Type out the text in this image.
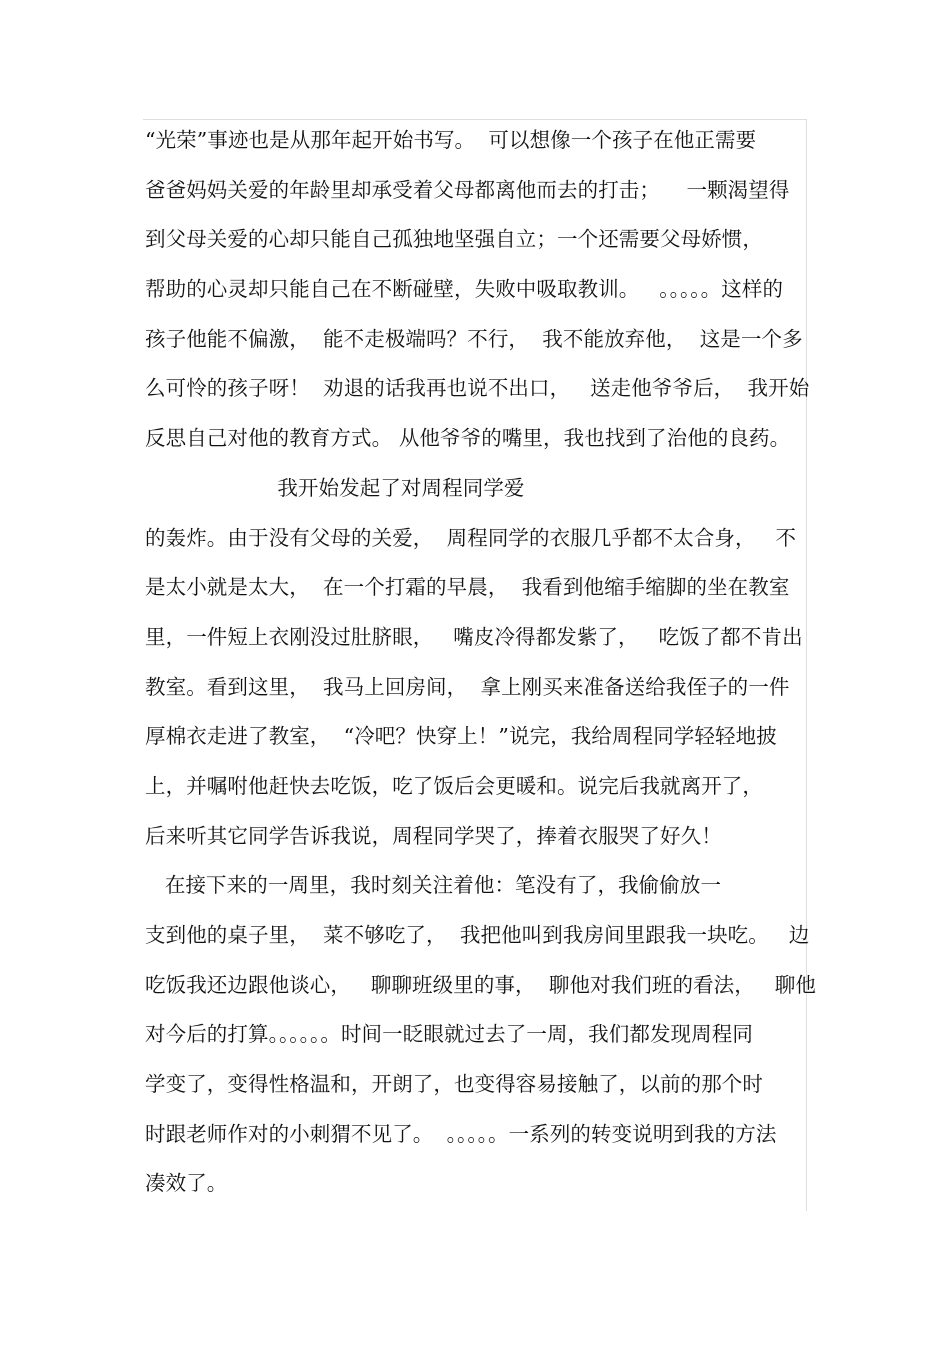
“光荣”事迹也是从那年起开始书写。  可以想像一个孩子在他正需要
爸爸妈妈关爱的年龄里却承受着父母都离他而去的打击；    一颗渴望得
到父母关爱的心却只能自己孤独地坚强自立；一个还需要父母娇惯，
帮助的心灵却只能自己在不断碰壁，失败中吸取教训。   。。。。。这样的
孩子他能不偏激，  能不走极端吗？不行，  我不能放弃他，  这是一个多
么可怜的孩子呀！  劝退的话我再也说不出口，   送走他爷爷后，  我开始
反思自己对他的教育方式。 从他爷爷的嘴里，我也找到了治他的良药。
我开始发起了对周程同学爱
的轰炸。由于没有父母的关爱，  周程同学的衣服几乎都不太合身，   不
是太小就是太大，  在一个打霜的早晨，  我看到他缩手缩脚的坐在教室
里，一件短上衣刚没过肚脐眼，   嘴皮冷得都发紫了，   吃饭了都不肯出
教室。看到这里，  我马上回房间，  拿上刚买来准备送给我侄子的一件
厚棉衣走进了教室，  “冷吧？快穿上！”说完，我给周程同学轻轻地披
上，并嘱咐他赶快去吃饭，吃了饭后会更暖和。说完后我就离开了，
后来听其它同学告诉我说，周程同学哭了，捧着衣服哭了好久！
在接下来的一周里，我时刻关注着他：笔没有了，我偷偷放一
支到他的桌子里，  菜不够吃了，  我把他叫到我房间里跟我一块吃。   边
吃饭我还边跟他谈心，   聊聊班级里的事，  聊他对我们班的看法，   聊他
对今后的打算。。。。。。时间一眨眼就过去了一周，我们都发现周程同
学变了，变得性格温和，开朗了，也变得容易接触了，以前的那个时
时跟老师作对的小刺猬不见了。  。。。。。一系列的转变说明到我的方法
凑效了。
